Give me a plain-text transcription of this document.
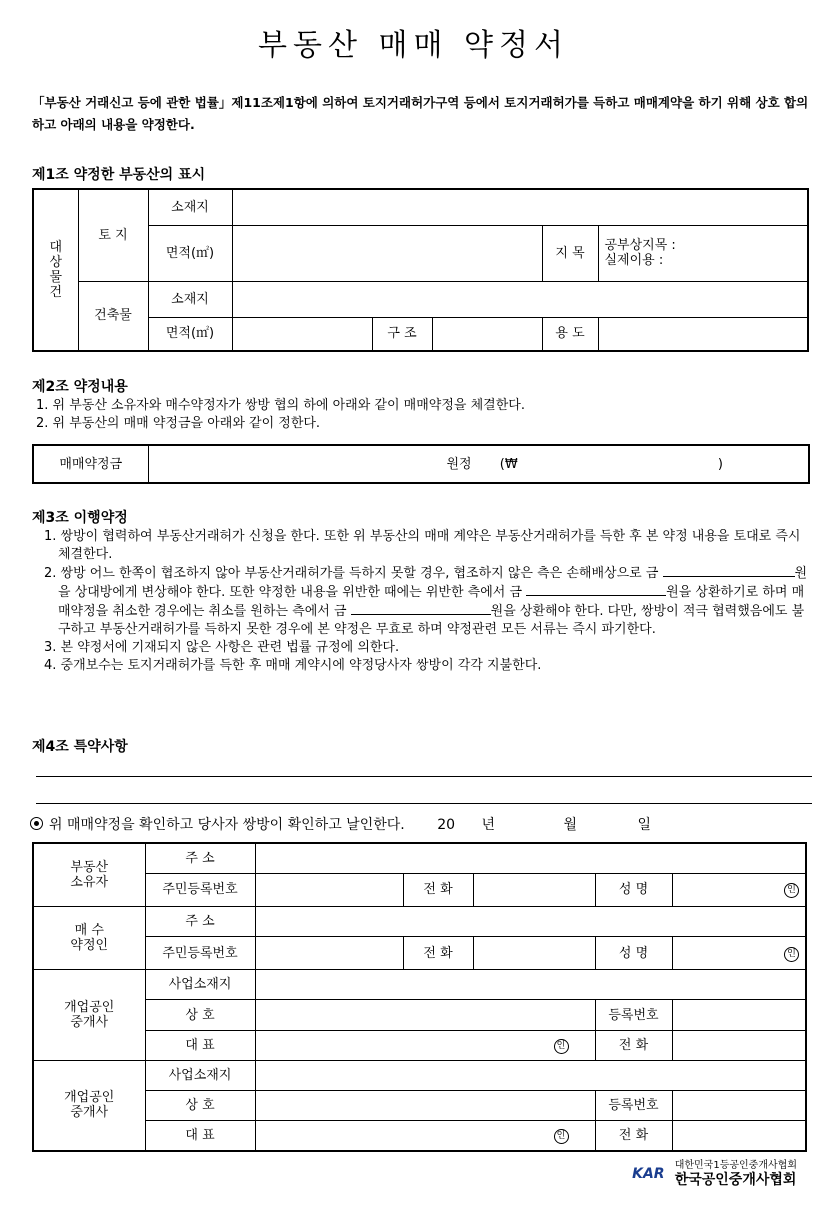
부동산 매매 약정서
「부동산 거래신고 등에 관한 법률」제11조제1항에 의하여 토지거래허가구역 등에서 토지거래허가를 득하고 매매계약을 하기 위해 상호 합의하고 아래의 내용을 약정한다.
제1조 약정한 부동산의 표시
대
상
물
건	토 지	소재지					
		면적(㎡)				지 목	공부상지목 :
실제이용 :

	건축물	소재지					
		면적(㎡)		구 조		용 도	
제2조 약정내용

1. 위 부동산 소유자와 매수약정자가 쌍방 협의 하에 아래와 같이 매매약정을 체결한다.

2. 위 부동산의 매매 약정금을 아래와 같이 정한다.

매매약정금	원정 (₩	)
제3조 이행약정

1. 쌍방이 협력하여 부동산거래허가 신청을 한다. 또한 위 부동산의 매매 계약은 부동산거래허가를 득한 후 본 약정 내용을 토대로 즉시 체결한다.

2. 쌍방 어느 한쪽이 협조하지 않아 부동산거래허가를 득하지 못할 경우, 협조하지 않은 측은 손해배상으로 금	원을 상대방에게 변상해야 한다. 또한 약정한 내용을 위반한 때에는 위반한 측에서 금	원을 상환하기로 하며 매매약정을 취소한 경우에는 취소를 원하는 측에서 금	원을 상환해야 한다. 다만, 쌍방이 적극 협력했음에도 불구하고 부동산거래허가를 득하지 못한 경우에 본 약정은 무효로 하며 약정관련 모든 서류는 즉시 파기한다.

3. 본 약정서에 기재되지 않은 사항은 관련 법률 규정에 의한다.

4. 중개보수는 토지거래허가를 득한 후 매매 계약시에 약정당사자 쌍방이 각각 지불한다.

제4조 특약사항
위 매매약정을 확인하고 당사자 쌍방이 확인하고 날인한다. 20 년	월	일
부동산
소유자	주 소					
	주민등록번호		전 화		성 명	인
매 수
약정인	주 소					
	주민등록번호		전 화		성 명	인
개업공인
중개사	사업소재지					
	상 호				등록번호	
	대 표	인			전 화	
개업공인
중개사	사업소재지					
	상 호				등록번호	
	대 표	인			전 화	
KAR
대한민국1등공인중개사협회
한국공인중개사협회
